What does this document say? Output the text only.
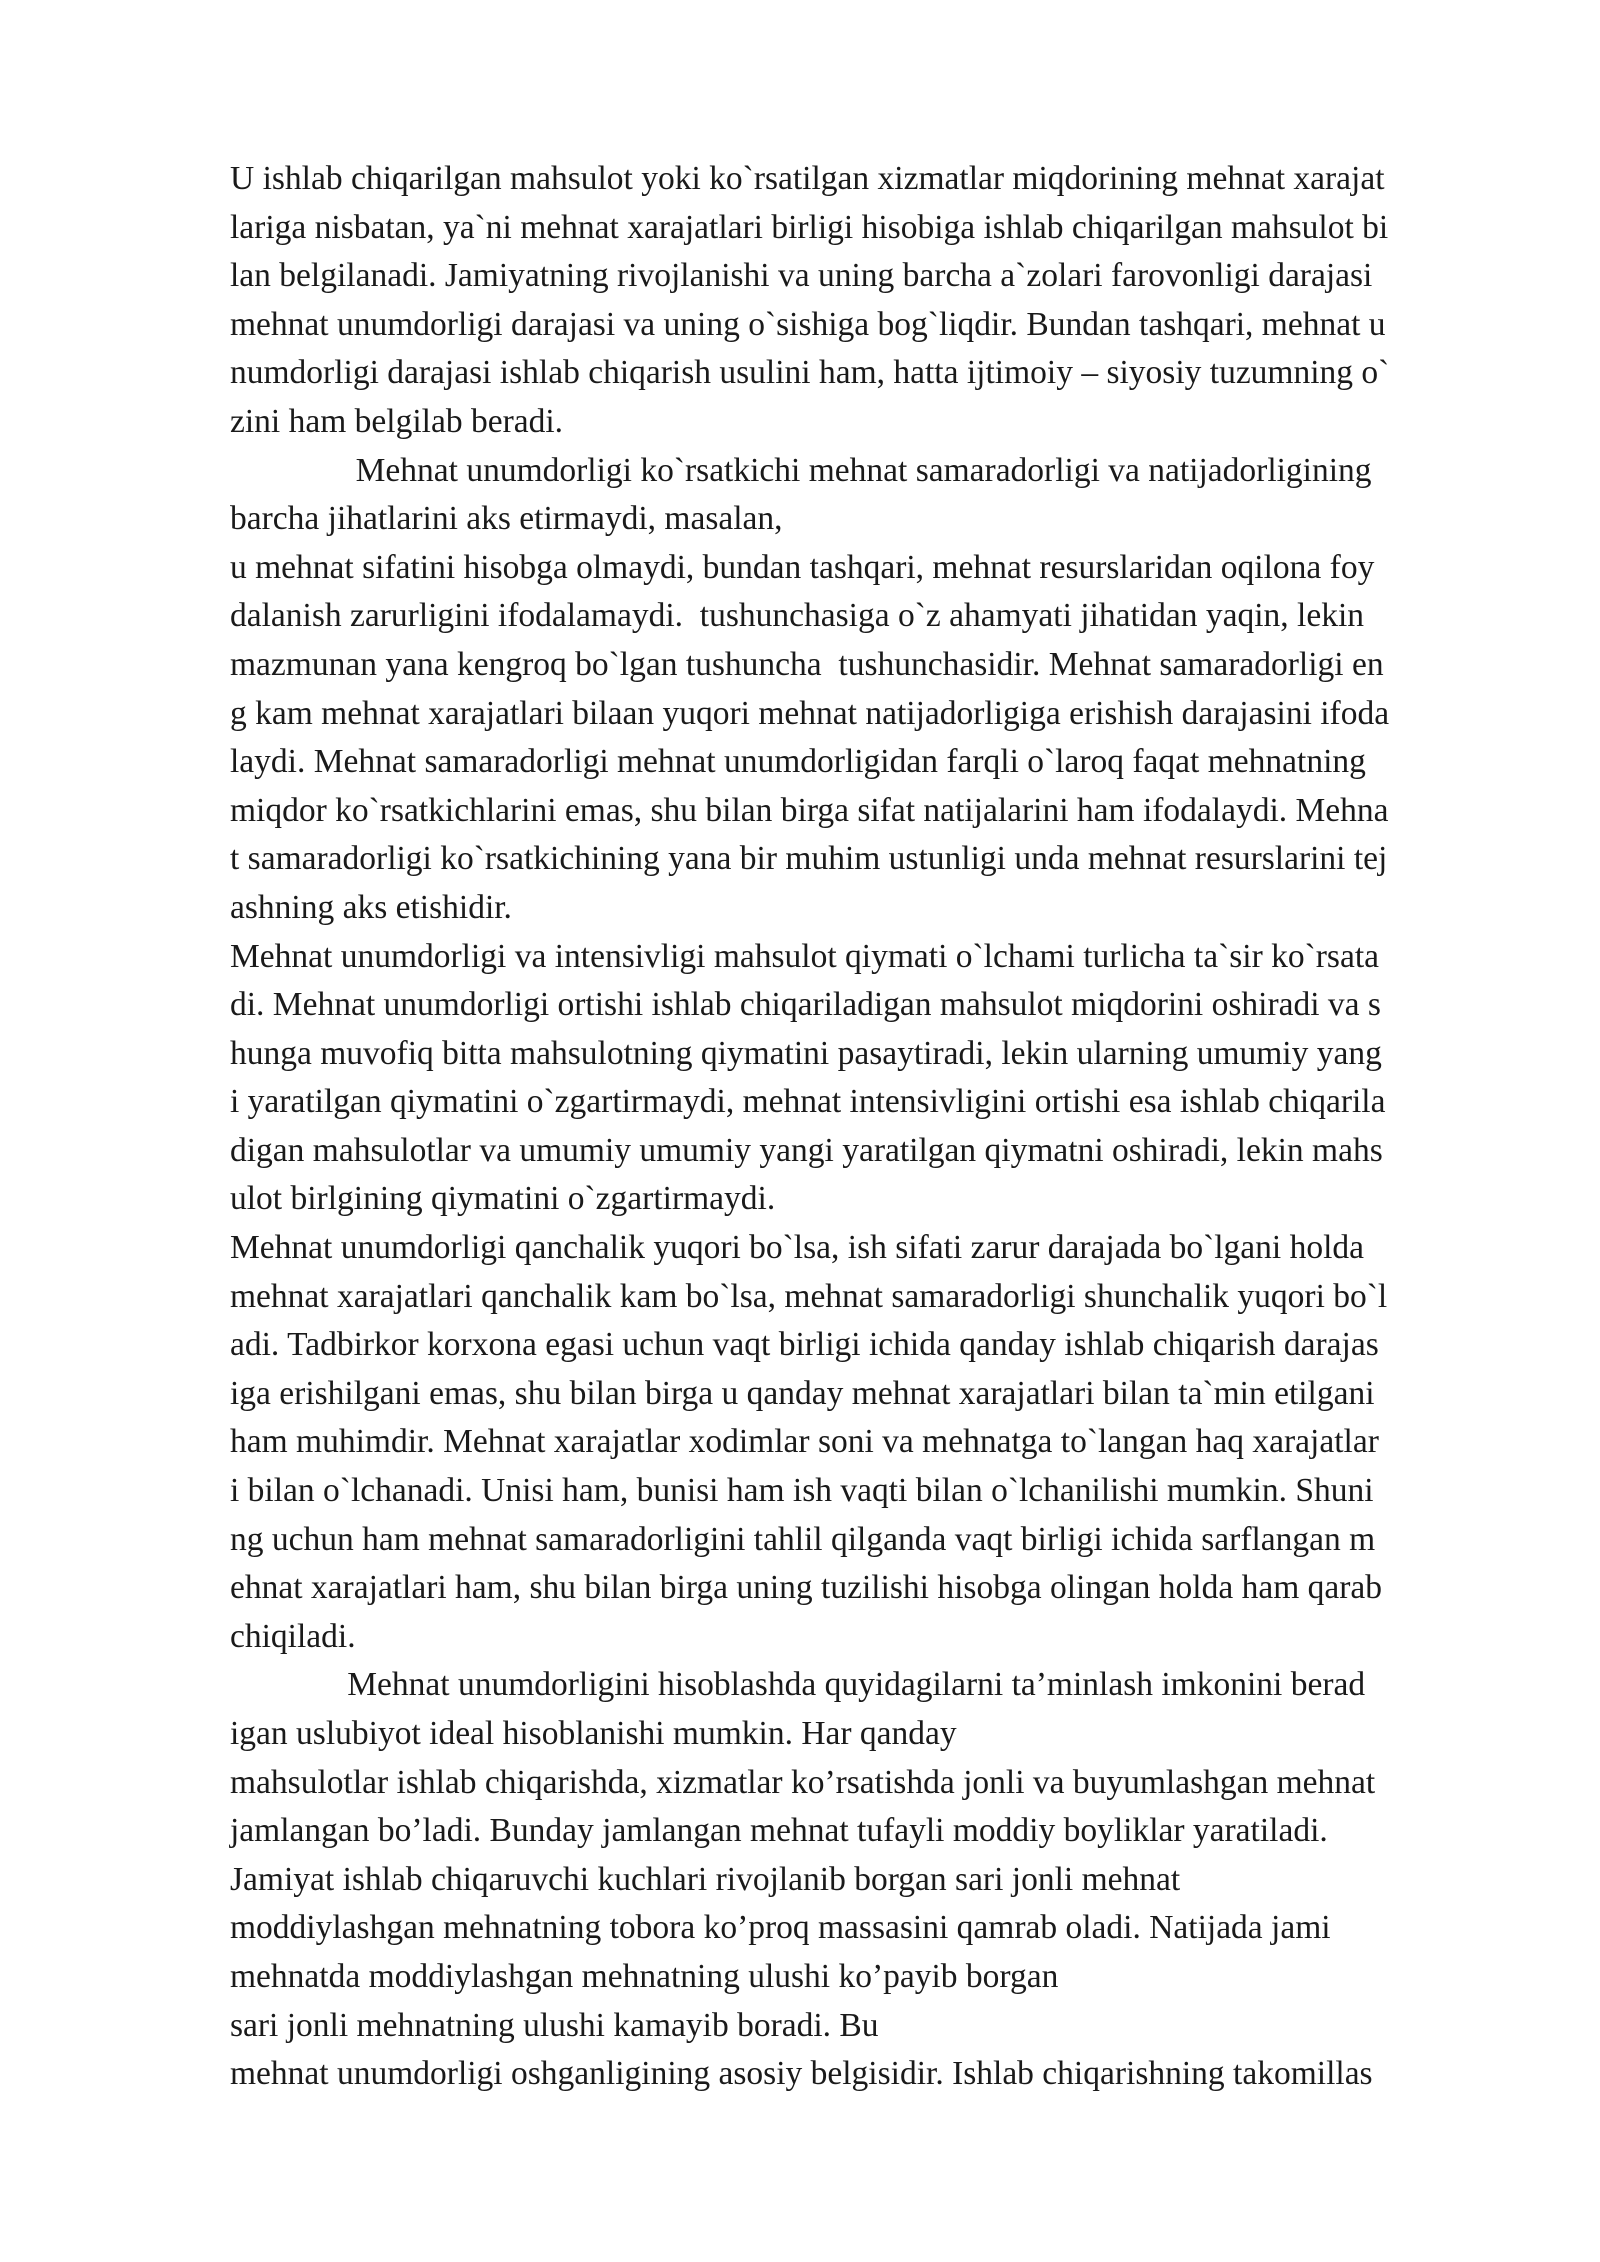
U ishlab chiqarilgan mahsulot yoki ko`rsatilgan xizmatlar miqdorining mehnat xarajat
lariga nisbatan, ya`ni mehnat xarajatlari birligi hisobiga ishlab chiqarilgan mahsulot bi
lan belgilanadi. Jamiyatning rivojlanishi va uning barcha a`zolari farovonligi darajasi
mehnat unumdorligi darajasi va uning o`sishiga bog`liqdir. Bundan tashqari, mehnat u
numdorligi darajasi ishlab chiqarish usulini ham, hatta ijtimoiy – siyosiy tuzumning o`
zini ham belgilab beradi.
Mehnat unumdorligi ko`rsatkichi mehnat samaradorligi va natijadorligining
barcha jihatlarini aks etirmaydi, masalan,
u mehnat sifatini hisobga olmaydi, bundan tashqari, mehnat resurslaridan oqilona foy
dalanish zarurligini ifodalamaydi.  tushunchasiga o`z ahamyati jihatidan yaqin, lekin
mazmunan yana kengroq bo`lgan tushuncha  tushunchasidir. Mehnat samaradorligi en
g kam mehnat xarajatlari bilaan yuqori mehnat natijadorligiga erishish darajasini ifoda
laydi. Mehnat samaradorligi mehnat unumdorligidan farqli o`laroq faqat mehnatning
miqdor ko`rsatkichlarini emas, shu bilan birga sifat natijalarini ham ifodalaydi. Mehna
t samaradorligi ko`rsatkichining yana bir muhim ustunligi unda mehnat resurslarini tej
ashning aks etishidir.
Mehnat unumdorligi va intensivligi mahsulot qiymati o`lchami turlicha ta`sir ko`rsata
di. Mehnat unumdorligi ortishi ishlab chiqariladigan mahsulot miqdorini oshiradi va s
hunga muvofiq bitta mahsulotning qiymatini pasaytiradi, lekin ularning umumiy yang
i yaratilgan qiymatini o`zgartirmaydi, mehnat intensivligini ortishi esa ishlab chiqarila
digan mahsulotlar va umumiy umumiy yangi yaratilgan qiymatni oshiradi, lekin mahs
ulot birlgining qiymatini o`zgartirmaydi.
Mehnat unumdorligi qanchalik yuqori bo`lsa, ish sifati zarur darajada bo`lgani holda
mehnat xarajatlari qanchalik kam bo`lsa, mehnat samaradorligi shunchalik yuqori bo`l
adi. Tadbirkor korxona egasi uchun vaqt birligi ichida qanday ishlab chiqarish darajas
iga erishilgani emas, shu bilan birga u qanday mehnat xarajatlari bilan ta`min etilgani
ham muhimdir. Mehnat xarajatlar xodimlar soni va mehnatga to`langan haq xarajatlar
i bilan o`lchanadi. Unisi ham, bunisi ham ish vaqti bilan o`lchanilishi mumkin. Shuni
ng uchun ham mehnat samaradorligini tahlil qilganda vaqt birligi ichida sarflangan m
ehnat xarajatlari ham, shu bilan birga uning tuzilishi hisobga olingan holda ham qarab
chiqiladi.
Mehnat unumdorligini hisoblashda quyidagilarni ta’minlash imkonini berad
igan uslubiyot ideal hisoblanishi mumkin. Har qanday
mahsulotlar ishlab chiqarishda, xizmatlar ko’rsatishda jonli va buyumlashgan mehnat
jamlangan bo’ladi. Bunday jamlangan mehnat tufayli moddiy boyliklar yaratiladi.
Jamiyat ishlab chiqaruvchi kuchlari rivojlanib borgan sari jonli mehnat
moddiylashgan mehnatning tobora ko’proq massasini qamrab oladi. Natijada jami
mehnatda moddiylashgan mehnatning ulushi ko’payib borgan
sari jonli mehnatning ulushi kamayib boradi. Bu
mehnat unumdorligi oshganligining asosiy belgisidir. Ishlab chiqarishning takomillas
